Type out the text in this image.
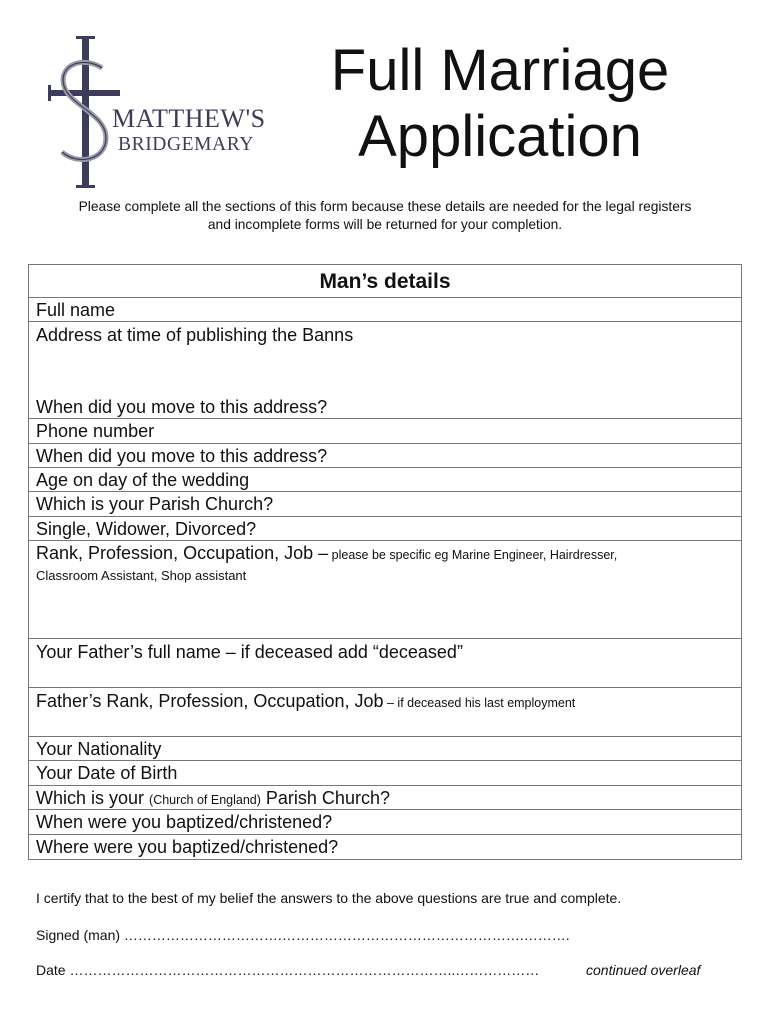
MATTHEW'S
BRIDGEMARY
Full Marriage
Application
Please complete all the sections of this form because these details are needed for the legal registers
and incomplete forms will be returned for your completion.
Man’s details
Full name
Address at time of publishing the Banns
When did you move to this address?
Phone number
When did you move to this address?
Age on day of the wedding
Which is your Parish Church?
Single, Widower, Divorced?
Rank, Profession, Occupation, Job – please be specific eg Marine Engineer, Hairdresser,
Classroom Assistant, Shop assistant
Your Father’s full name – if deceased add “deceased”
Father’s Rank, Profession, Occupation, Job – if deceased his last employment
Your Nationality
Your Date of Birth
Which is your (Church of England) Parish Church?
When were you baptized/christened?
Where were you baptized/christened?
I certify that to the best of my belief the answers to the above questions are true and complete.
Signed (man) …………………………….…………………………………………….……….
Date ………………………………………………………………………..………………	continued overleaf
